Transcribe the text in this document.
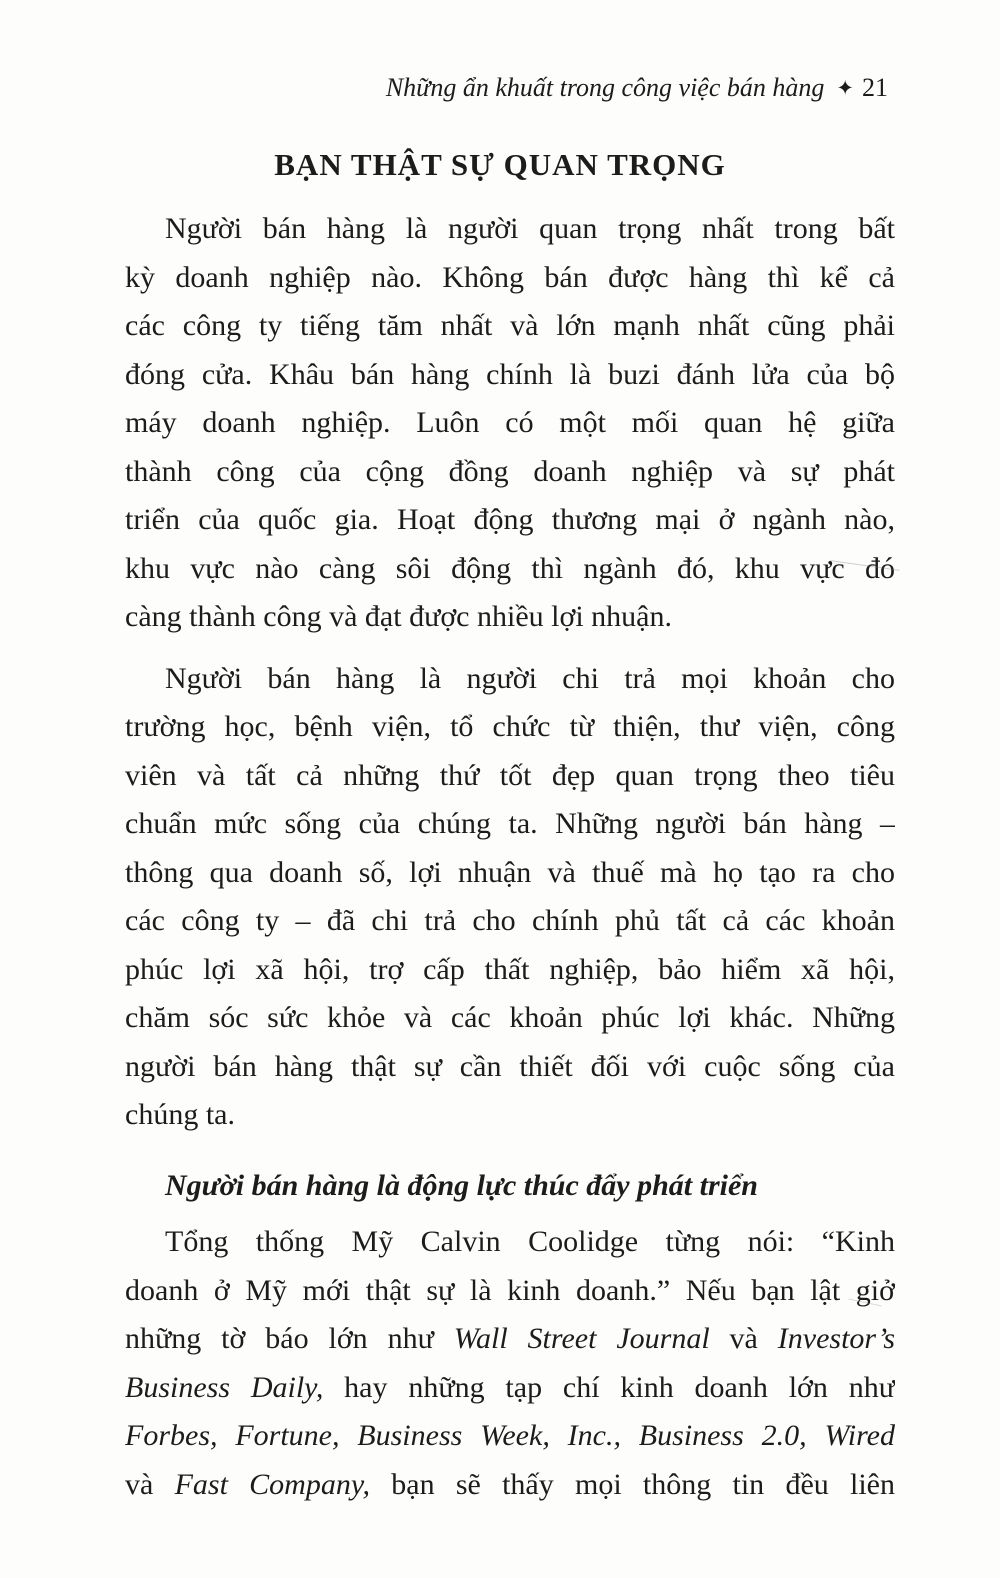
Những ẩn khuất trong công việc bán hàng ✦ 21
BẠN THẬT SỰ QUAN TRỌNG
Người bán hàng là người quan trọng nhất trong bất
kỳ doanh nghiệp nào. Không bán được hàng thì kể cả
các công ty tiếng tăm nhất và lớn mạnh nhất cũng phải
đóng cửa. Khâu bán hàng chính là buzi đánh lửa của bộ
máy doanh nghiệp. Luôn có một mối quan hệ giữa
thành công của cộng đồng doanh nghiệp và sự phát
triển của quốc gia. Hoạt động thương mại ở ngành nào,
khu vực nào càng sôi động thì ngành đó, khu vực đó
càng thành công và đạt được nhiều lợi nhuận.
Người bán hàng là người chi trả mọi khoản cho
trường học, bệnh viện, tổ chức từ thiện, thư viện, công
viên và tất cả những thứ tốt đẹp quan trọng theo tiêu
chuẩn mức sống của chúng ta. Những người bán hàng –
thông qua doanh số, lợi nhuận và thuế mà họ tạo ra cho
các công ty – đã chi trả cho chính phủ tất cả các khoản
phúc lợi xã hội, trợ cấp thất nghiệp, bảo hiểm xã hội,
chăm sóc sức khỏe và các khoản phúc lợi khác. Những
người bán hàng thật sự cần thiết đối với cuộc sống của
chúng ta.
Người bán hàng là động lực thúc đẩy phát triển
Tổng thống Mỹ Calvin Coolidge từng nói: “Kinh
doanh ở Mỹ mới thật sự là kinh doanh.” Nếu bạn lật giở
những tờ báo lớn như Wall Street Journal và Investor’s
Business Daily, hay những tạp chí kinh doanh lớn như
Forbes, Fortune, Business Week, Inc., Business 2.0, Wired
và Fast Company, bạn sẽ thấy mọi thông tin đều liên
